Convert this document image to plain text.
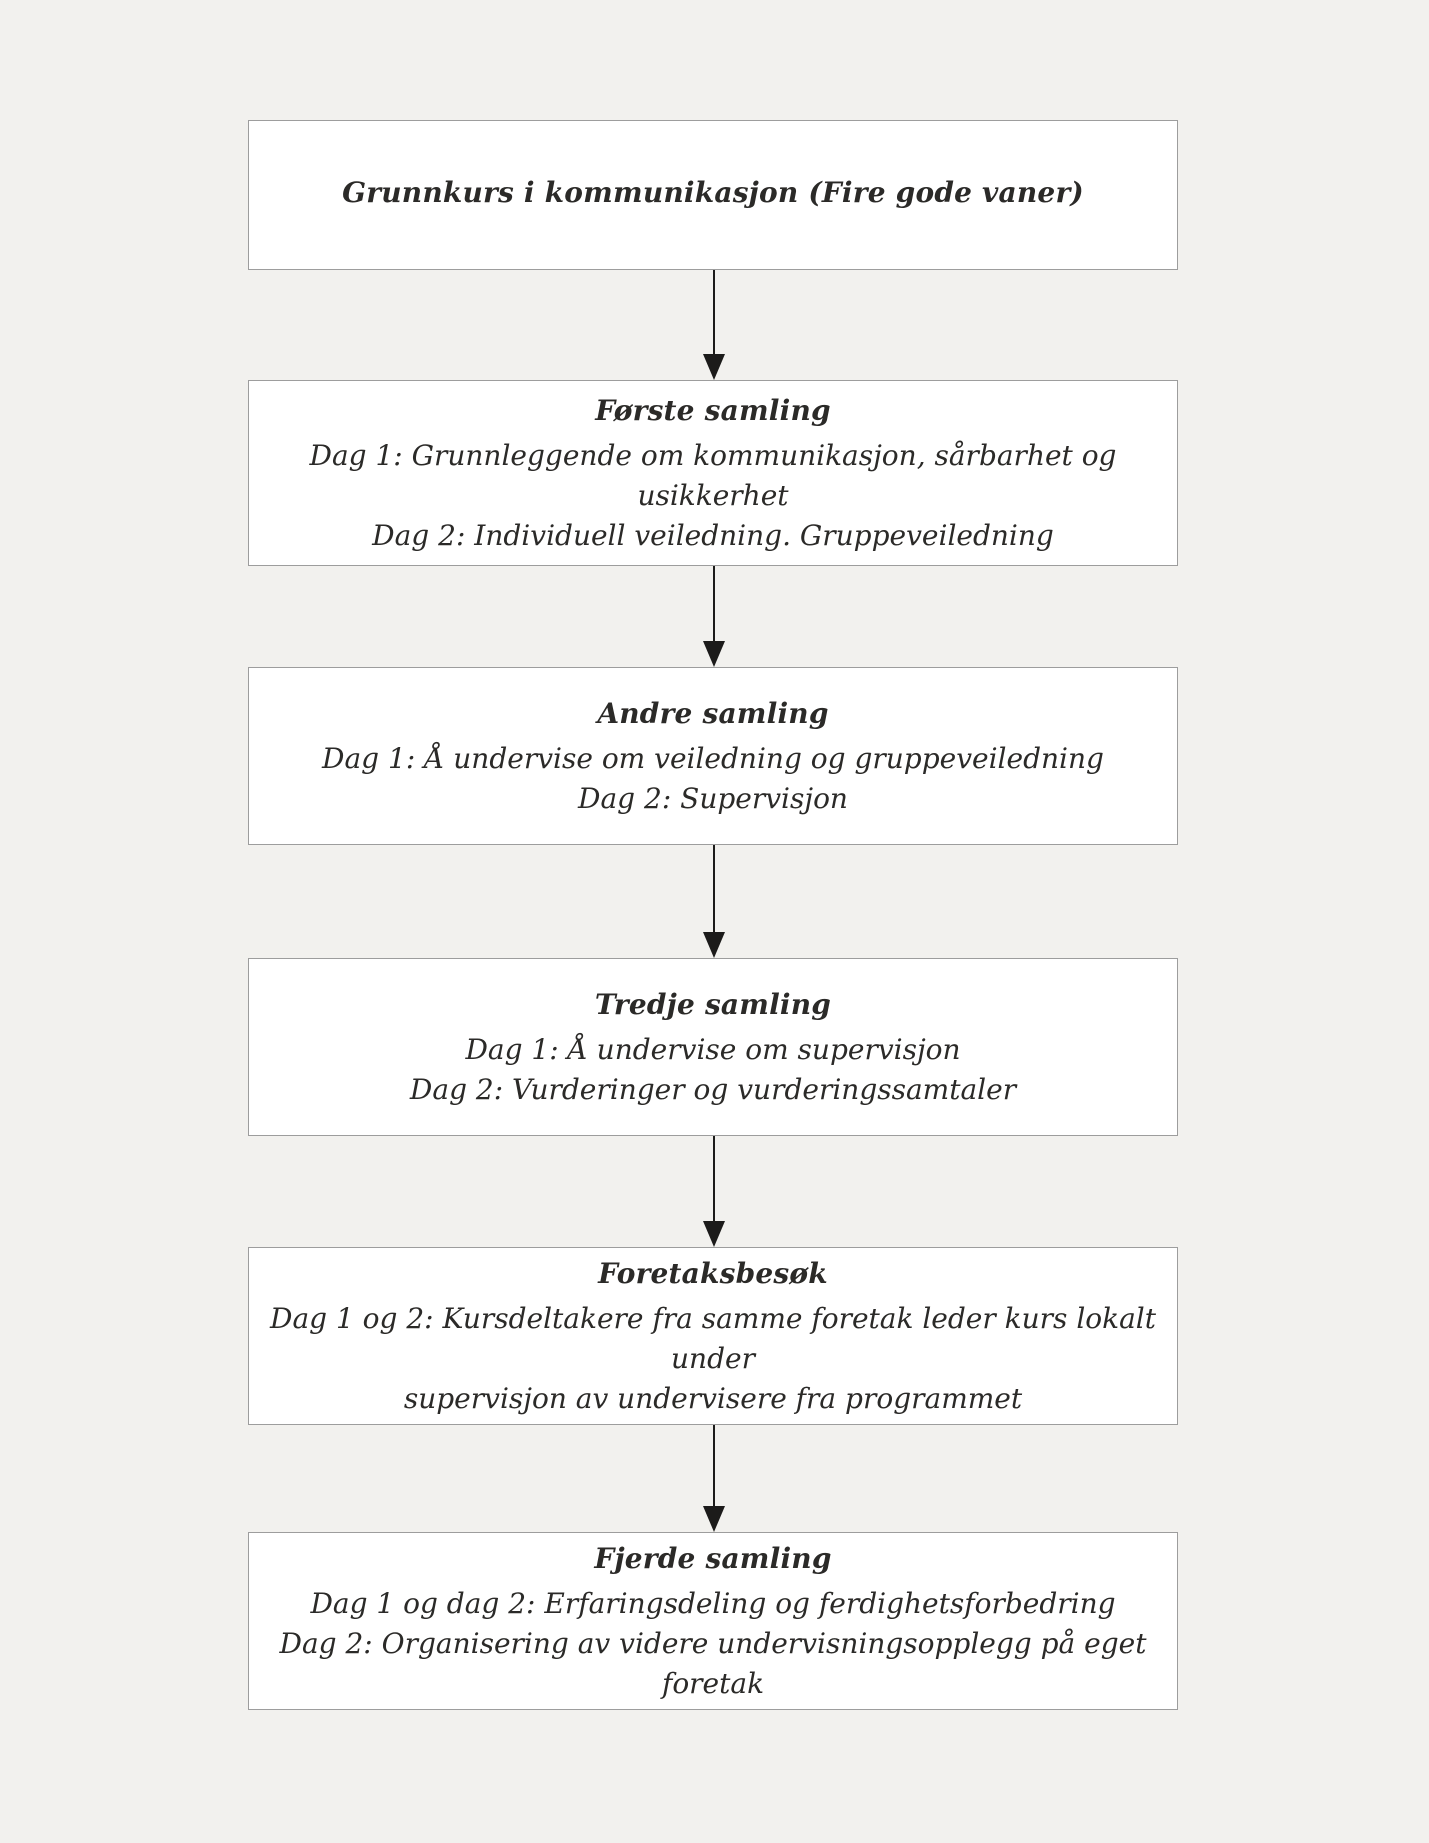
Grunnkurs i kommunikasjon (Fire gode vaner)
Første samling

Dag 1: Grunnleggende om kommunikasjon, sårbarhet og usikkerhet

Dag 2: Individuell veiledning. Gruppeveiledning

Andre samling

Dag 1: Å undervise om veiledning og gruppeveiledning

Dag 2: Supervisjon

Tredje samling

Dag 1: Å undervise om supervisjon

Dag 2: Vurderinger og vurderingssamtaler

Foretaksbesøk

Dag 1 og 2: Kursdeltakere fra samme foretak leder kurs lokalt under

supervisjon av undervisere fra programmet

Fjerde samling

Dag 1 og dag 2: Erfaringsdeling og ferdighetsforbedring

Dag 2: Organisering av videre undervisningsopplegg på eget foretak
